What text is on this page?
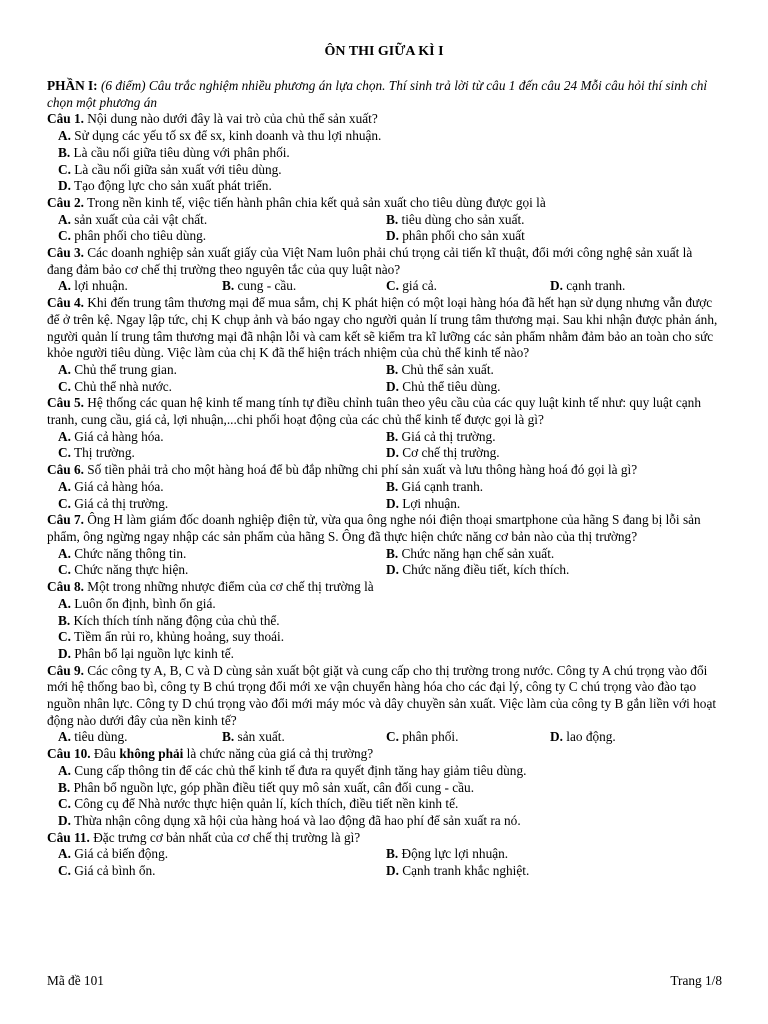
ÔN THI GIỮA KÌ I
PHẦN I: (6 điểm) Câu trắc nghiệm nhiều phương án lựa chọn. Thí sinh trả lời từ câu 1 đến câu 24 Mỗi câu hỏi thí sinh chỉ chọn một phương án
Câu 1. Nội dung nào dưới đây là vai trò của chủ thể sản xuất?
A. Sử dụng các yếu tố sx để sx, kinh doanh và thu lợi nhuận.
B. Là cầu nối giữa tiêu dùng với phân phối.
C. Là cầu nối giữa sản xuất với tiêu dùng.
D. Tạo động lực cho sản xuất phát triển.
Câu 2. Trong nền kinh tế, việc tiến hành phân chia kết quả sản xuất cho tiêu dùng được gọi là
A. sản xuất của cải vật chất.	B. tiêu dùng cho sản xuất.
C. phân phối cho tiêu dùng.	D. phân phối cho sản xuất
Câu 3. Các doanh nghiệp sản xuất giấy của Việt Nam luôn phải chú trọng cải tiến kĩ thuật, đổi mới công nghệ sản xuất là đang đảm bảo cơ chế thị trường theo nguyên tắc của quy luật nào?
A. lợi nhuận.	B. cung - cầu.	C. giá cả.	D. cạnh tranh.
Câu 4. Khi đến trung tâm thương mại để mua sắm, chị K phát hiện có một loại hàng hóa đã hết hạn sử dụng nhưng vẫn được để ở trên kệ. Ngay lập tức, chị K chụp ảnh và báo ngay cho người quản lí trung tâm thương mại. Sau khi nhận được phản ánh, người quản lí trung tâm thương mại đã nhận lỗi và cam kết sẽ kiểm tra kĩ lưỡng các sản phẩm nhằm đảm bảo an toàn cho sức khỏe người tiêu dùng. Việc làm của chị K đã thể hiện trách nhiệm của chủ thể kinh tế nào?
A. Chủ thể trung gian.	B. Chủ thể sản xuất.
C. Chủ thể nhà nước.	D. Chủ thể tiêu dùng.
Câu 5. Hệ thống các quan hệ kinh tế mang tính tự điều chỉnh tuân theo yêu cầu của các quy luật kinh tế như: quy luật cạnh tranh, cung cầu, giá cả, lợi nhuận,...chi phối hoạt động của các chủ thể kinh tế được gọi là gì?
A. Giá cả hàng hóa.	B. Giá cả thị trường.
C. Thị trường.	D. Cơ chế thị trường.
Câu 6. Số tiền phải trả cho một hàng hoá để bù đắp những chi phí sản xuất và lưu thông hàng hoá đó gọi là gì?
A. Giá cả hàng hóa.	B. Giá cạnh tranh.
C. Giá cả thị trường.	D. Lợi nhuận.
Câu 7. Ông H làm giám đốc doanh nghiệp điện tử, vừa qua ông nghe nói điện thoại smartphone của hãng S đang bị lỗi sản phẩm, ông ngừng ngay nhập các sản phẩm của hãng S. Ông đã thực hiện chức năng cơ bản nào của thị trường?
A. Chức năng thông tin.	B. Chức năng hạn chế sản xuất.
C. Chức năng thực hiện.	D. Chức năng điều tiết, kích thích.
Câu 8. Một trong những nhược điểm của cơ chế thị trường là
A. Luôn ổn định, bình ổn giá.
B. Kích thích tính năng động của chủ thể.
C. Tiềm ẩn rủi ro, khủng hoảng, suy thoái.
D. Phân bổ lại nguồn lực kinh tế.
Câu 9. Các công ty A, B, C và D cùng sản xuất bột giặt và cung cấp cho thị trường trong nước. Công ty A chú trọng vào đổi mới hệ thống bao bì, công ty B chú trọng đổi mới xe vận chuyển hàng hóa cho các đại lý, công ty C chú trọng vào đào tạo nguồn nhân lực. Công ty D chú trọng vào đổi mới máy móc và dây chuyền sản xuất. Việc làm của công ty B gắn liền với hoạt động nào dưới đây của nền kinh tế?
A. tiêu dùng.	B. sản xuất.	C. phân phối.	D. lao động.
Câu 10. Đâu không phải là chức năng của giá cả thị trường?
A. Cung cấp thông tin để các chủ thể kinh tế đưa ra quyết định tăng hay giảm tiêu dùng.
B. Phân bổ nguồn lực, góp phần điều tiết quy mô sản xuất, cân đối cung - cầu.
C. Công cụ để Nhà nước thực hiện quản lí, kích thích, điều tiết nền kinh tế.
D. Thừa nhận công dụng xã hội của hàng hoá và lao động đã hao phí để sản xuất ra nó.
Câu 11. Đặc trưng cơ bản nhất của cơ chế thị trường là gì?
A. Giá cả biến động.	B. Động lực lợi nhuận.
C. Giá cả bình ổn.	D. Cạnh tranh khắc nghiệt.
Mã đề 101	Trang 1/8
